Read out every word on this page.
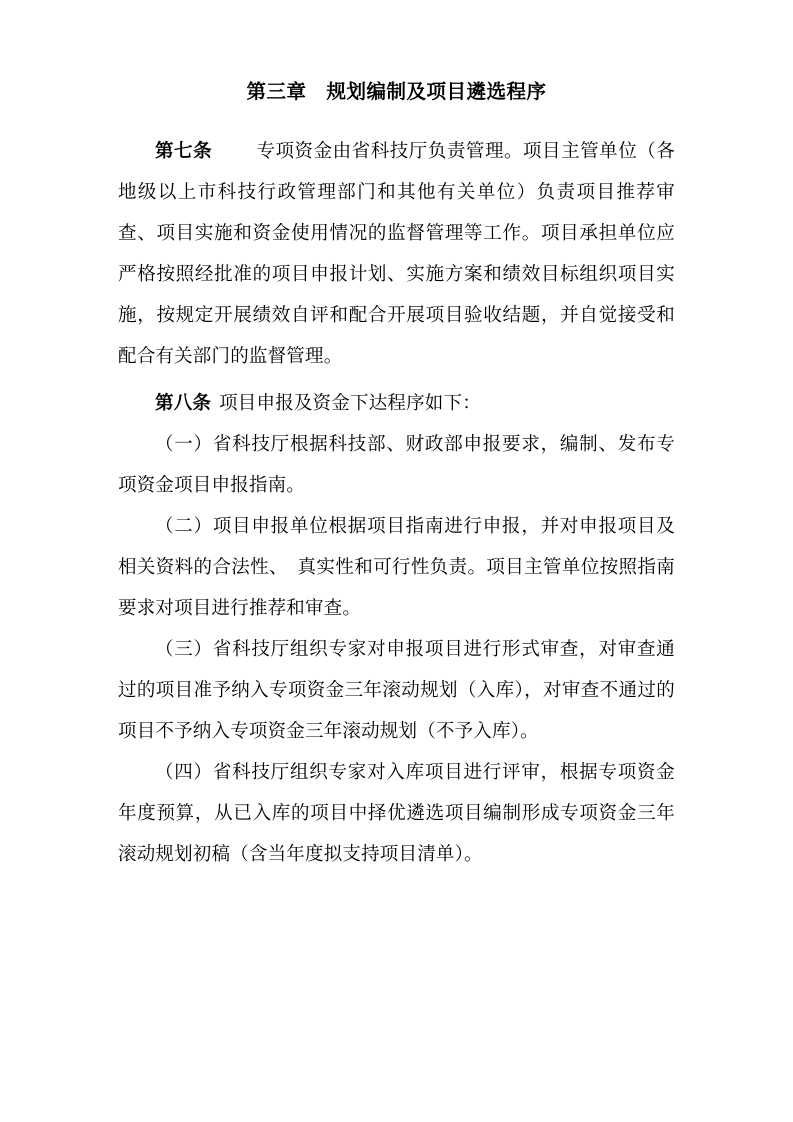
第三章　规划编制及项目遴选程序

第七条 专项资金由省科技厅负责管理。项目主管单位（各地级以上市科技行政管理部门和其他有关单位）负责项目推荐审查、项目实施和资金使用情况的监督管理等工作。项目承担单位应严格按照经批准的项目申报计划、实施方案和绩效目标组织项目实施，按规定开展绩效自评和配合开展项目验收结题，并自觉接受和配合有关部门的监督管理。

第八条 项目申报及资金下达程序如下：

（一）省科技厅根据科技部、财政部申报要求，编制、发布专项资金项目申报指南。

（二）项目申报单位根据项目指南进行申报，并对申报项目及相关资料的合法性、　真实性和可行性负责。项目主管单位按照指南要求对项目进行推荐和审查。

（三）省科技厅组织专家对申报项目进行形式审查，对审查通过的项目准予纳入专项资金三年滚动规划（入库），对审查不通过的项目不予纳入专项资金三年滚动规划（不予入库）。

（四）省科技厅组织专家对入库项目进行评审，根据专项资金年度预算，从已入库的项目中择优遴选项目编制形成专项资金三年滚动规划初稿（含当年度拟支持项目清单）。
